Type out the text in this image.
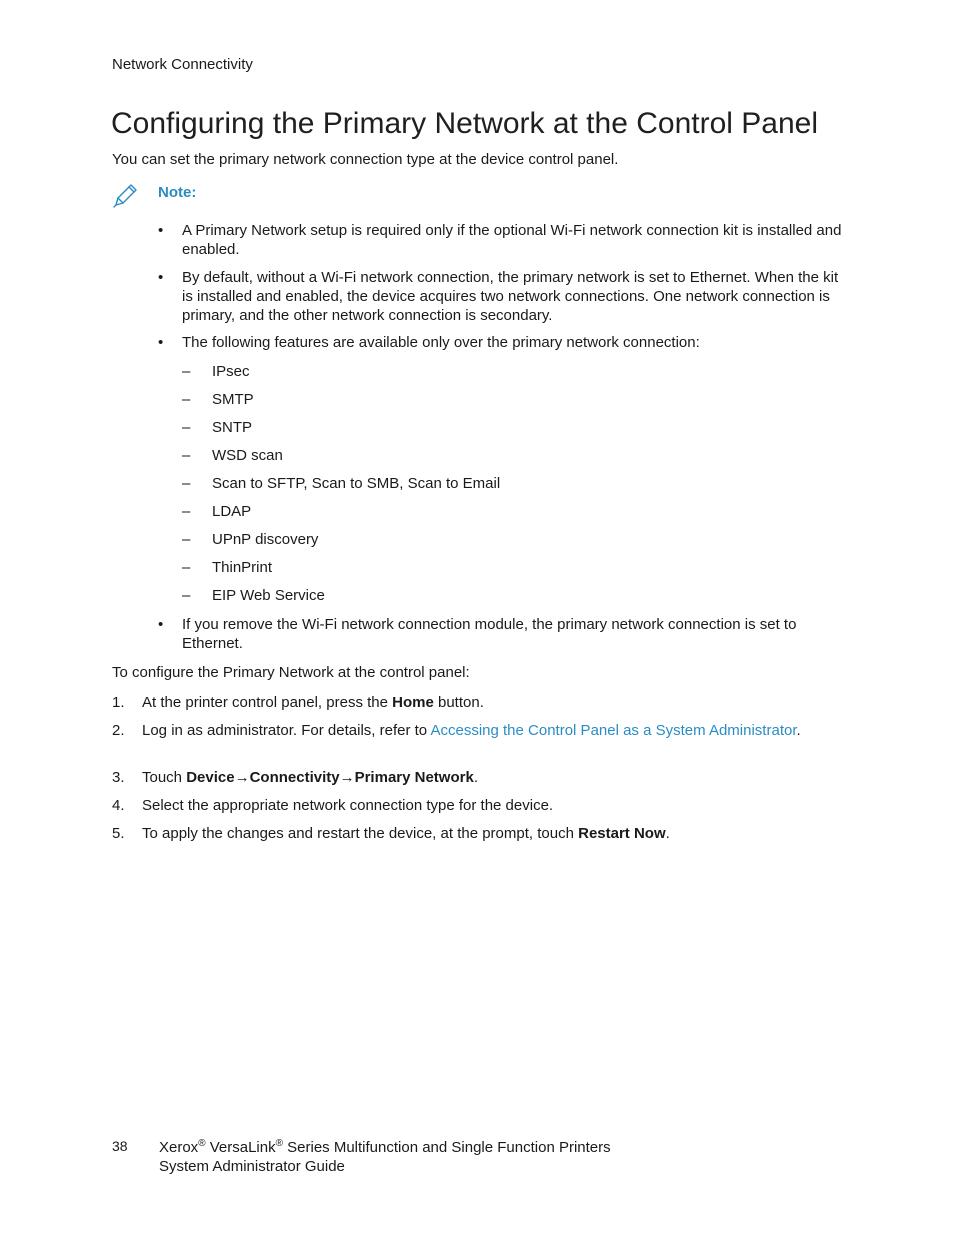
Network Connectivity
Configuring the Primary Network at the Control Panel

You can set the primary network connection type at the device control panel.

Note:
• A Primary Network setup is required only if the optional Wi-Fi network connection kit is installed and enabled.
• By default, without a Wi-Fi network connection, the primary network is set to Ethernet. When the kit is installed and enabled, the device acquires two network connections. One network connection is primary, and the other network connection is secondary.
• The following features are available only over the primary network connection:
– IPsec
– SMTP
– SNTP
– WSD scan
– Scan to SFTP, Scan to SMB, Scan to Email
– LDAP
– UPnP discovery
– ThinPrint
– EIP Web Service
• If you remove the Wi-Fi network connection module, the primary network connection is set to Ethernet.

To configure the Primary Network at the control panel:

1. At the printer control panel, press the Home button.
2. Log in as administrator. For details, refer to Accessing the Control Panel as a System Administrator.
3. Touch Device→Connectivity→Primary Network.
4. Select the appropriate network connection type for the device.
5. To apply the changes and restart the device, at the prompt, touch Restart Now.
38 Xerox® VersaLink® Series Multifunction and Single Function Printers
System Administrator Guide
